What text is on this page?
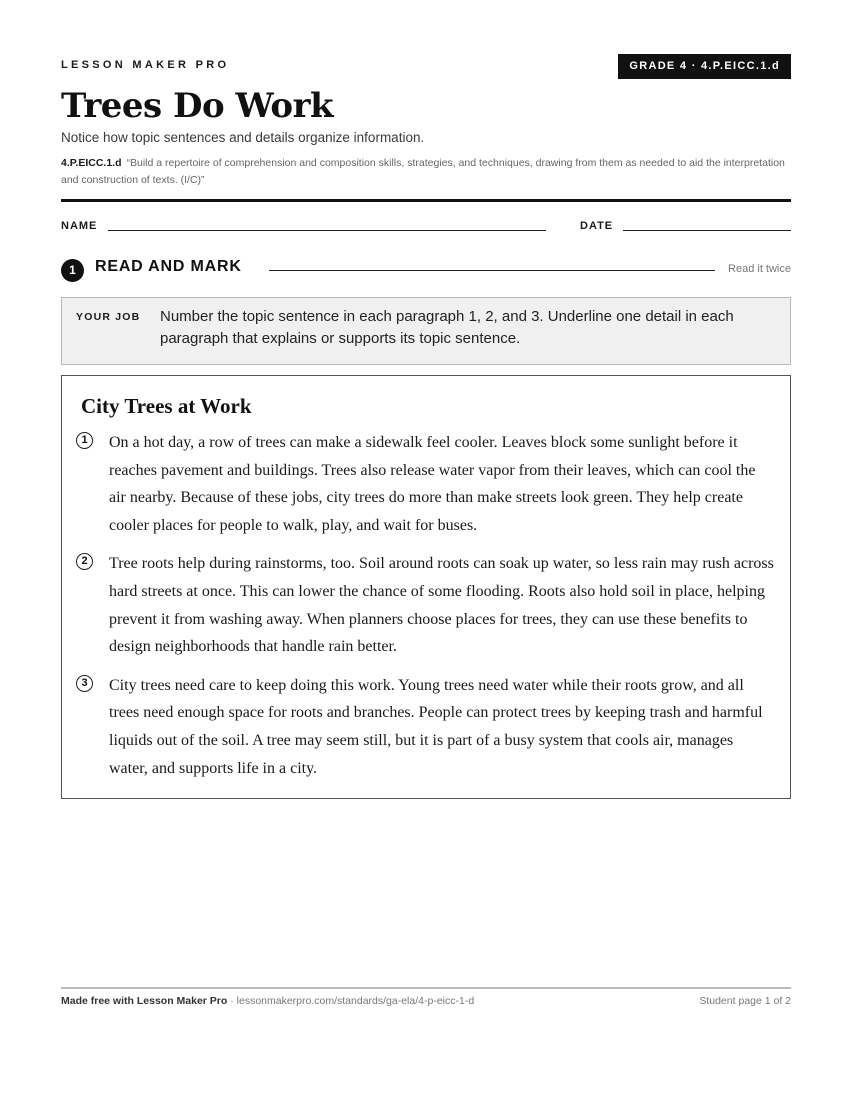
LESSON MAKER PRO	GRADE 4 · 4.P.EICC.1.d
Trees Do Work
Notice how topic sentences and details organize information.
4.P.EICC.1.d “Build a repertoire of comprehension and composition skills, strategies, and techniques, drawing from them as needed to aid the interpretation and construction of texts. (I/C)”
NAME	DATE
1	READ AND MARK	Read it twice
YOUR JOB Number the topic sentence in each paragraph 1, 2, and 3. Underline one detail in each paragraph that explains or supports its topic sentence.
City Trees at Work
1	On a hot day, a row of trees can make a sidewalk feel cooler. Leaves block some sunlight before it reaches pavement and buildings. Trees also release water vapor from their leaves, which can cool the air nearby. Because of these jobs, city trees do more than make streets look green. They help create cooler places for people to walk, play, and wait for buses.

2	Tree roots help during rainstorms, too. Soil around roots can soak up water, so less rain may rush across hard streets at once. This can lower the chance of some flooding. Roots also hold soil in place, helping prevent it from washing away. When planners choose places for trees, they can use these benefits to design neighborhoods that handle rain better.

3	City trees need care to keep doing this work. Young trees need water while their roots grow, and all trees need enough space for roots and branches. People can protect trees by keeping trash and harmful liquids out of the soil. A tree may seem still, but it is part of a busy system that cools air, manages water, and supports life in a city.

Made free with Lesson Maker Pro · lessonmakerpro.com/standards/ga-ela/4-p-eicc-1-d	Student page 1 of 2
